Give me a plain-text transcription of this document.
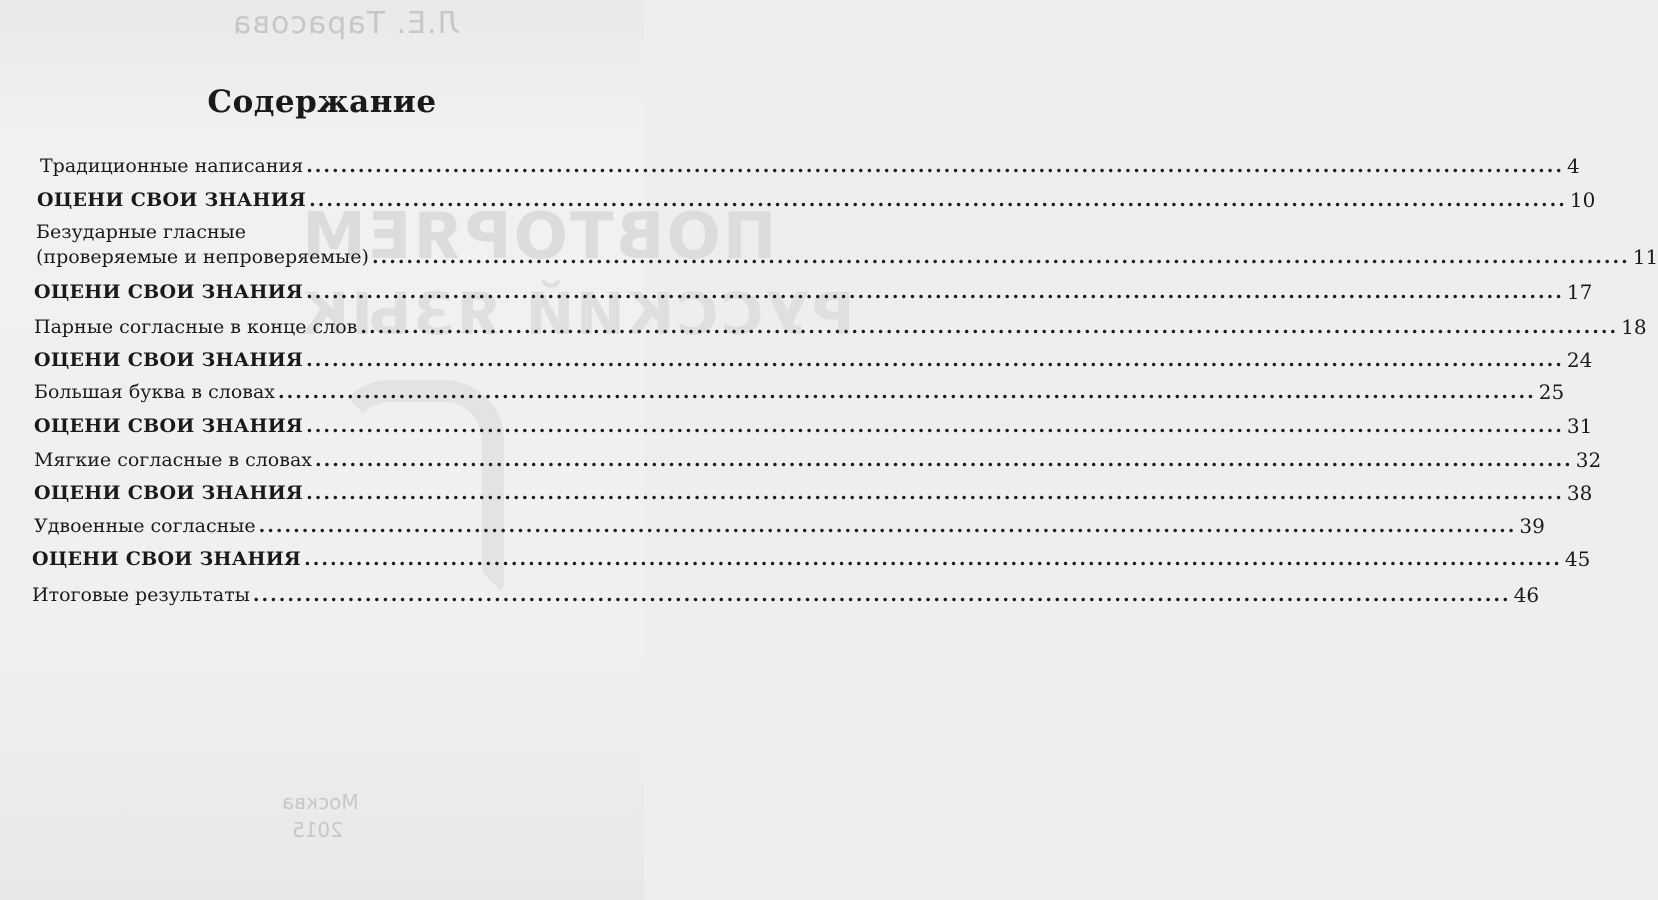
Л.Е. Тарасова
ПОВТОРЯЕМ
РУССКИЙ ЯЗЫК
Москва
2015
Содержание
Традиционные написания .....	4
ОЦЕНИ СВОИ ЗНАНИЯ .....	10
Безударные гласные
(проверяемые и непроверяемые) .....	11
ОЦЕНИ СВОИ ЗНАНИЯ .....	17
Парные согласные в конце слов .....	18
ОЦЕНИ СВОИ ЗНАНИЯ .....	24
Большая буква в словах .....	25
ОЦЕНИ СВОИ ЗНАНИЯ .....	31
Мягкие согласные в словах .....	32
ОЦЕНИ СВОИ ЗНАНИЯ .....	38
Удвоенные согласные .....	39
ОЦЕНИ СВОИ ЗНАНИЯ .....	45
Итоговые результаты .....	46
